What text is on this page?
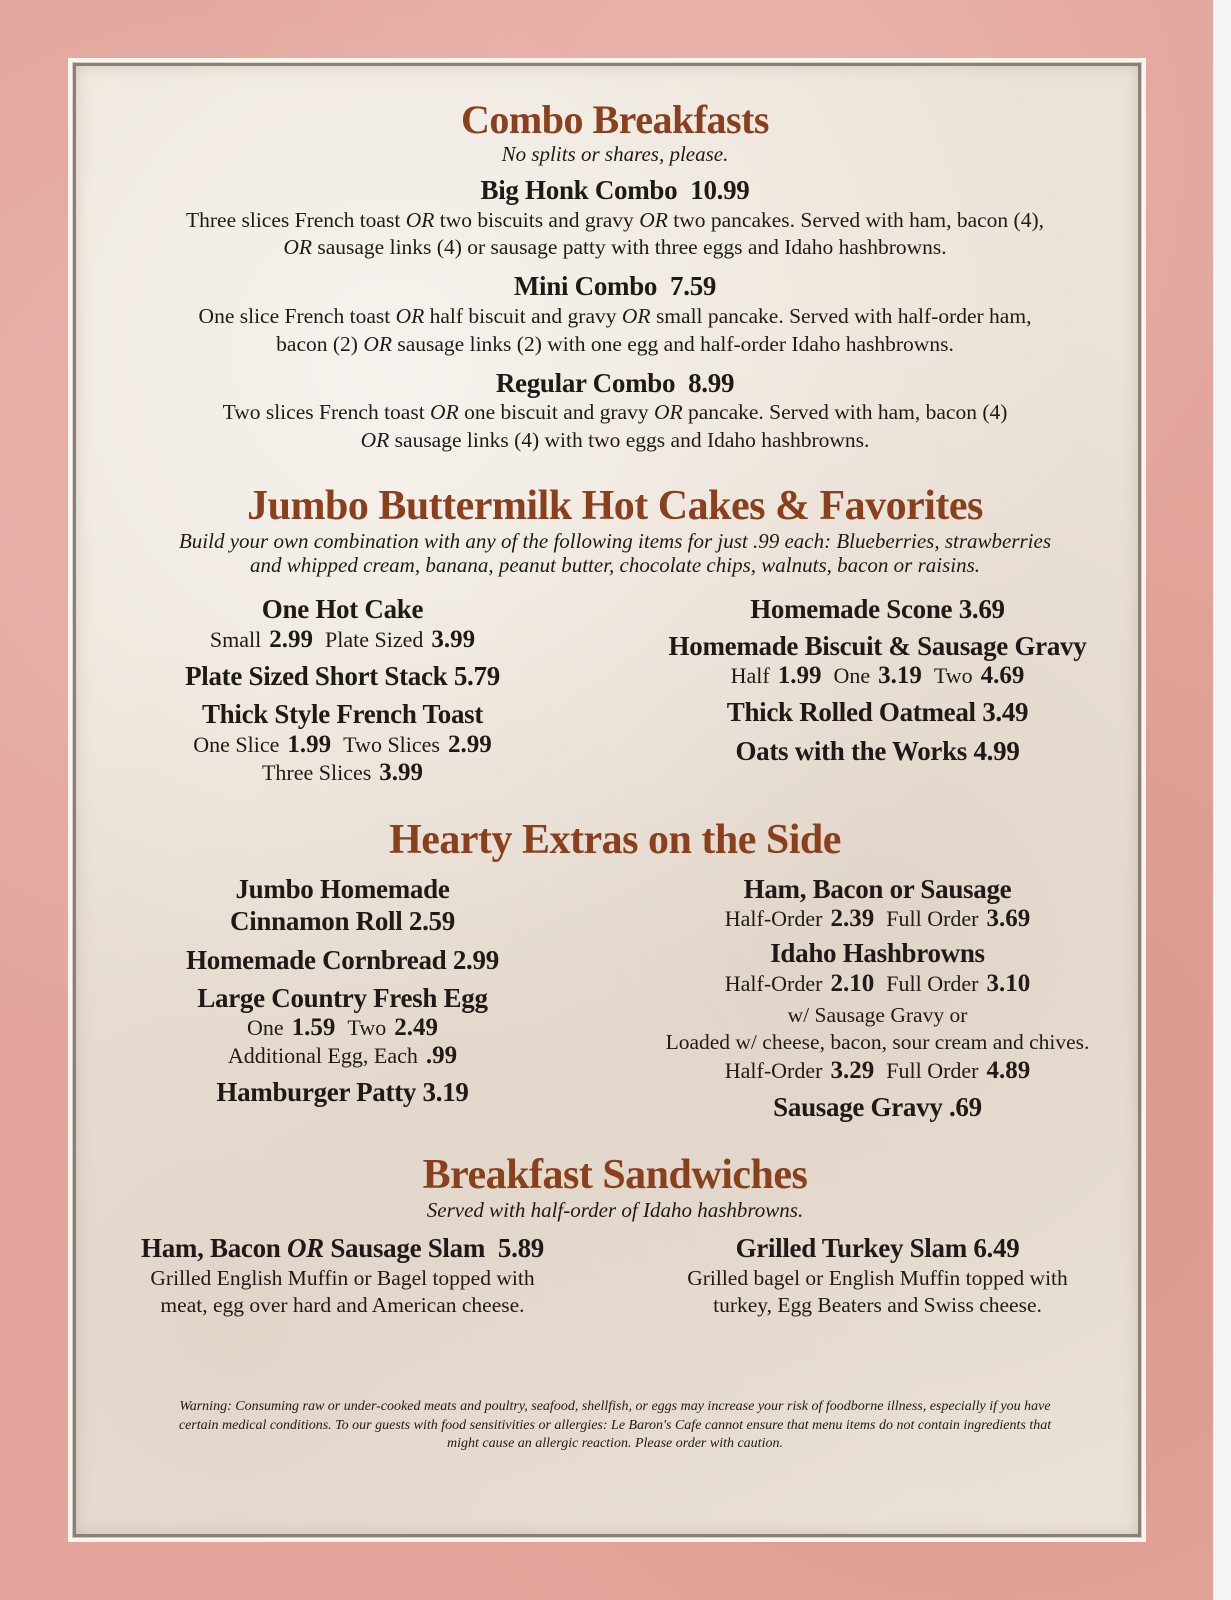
Combo Breakfasts

No splits or shares, please.

Big Honk Combo 10.99
Three slices French toast OR two biscuits and gravy OR two pancakes. Served with ham, bacon (4),
OR sausage links (4) or sausage patty with three eggs and Idaho hashbrowns.
Mini Combo 7.59
One slice French toast OR half biscuit and gravy OR small pancake. Served with half-order ham,
bacon (2) OR sausage links (2) with one egg and half-order Idaho hashbrowns.
Regular Combo 8.99
Two slices French toast OR one biscuit and gravy OR pancake. Served with ham, bacon (4)
OR sausage links (4) with two eggs and Idaho hashbrowns.
Jumbo Buttermilk Hot Cakes & Favorites

Build your own combination with any of the following items for just .99 each: Blueberries, strawberries
and whipped cream, banana, peanut butter, chocolate chips, walnuts, bacon or raisins.

One Hot Cake
Small 2.99 Plate Sized 3.99
Plate Sized Short Stack 5.79
Thick Style French Toast
One Slice 1.99 Two Slices 2.99
Three Slices 3.99
Homemade Scone 3.69
Homemade Biscuit & Sausage Gravy
Half 1.99 One 3.19 Two 4.69
Thick Rolled Oatmeal 3.49
Oats with the Works 4.99
Hearty Extras on the Side
Jumbo Homemade
Cinnamon Roll 2.59
Homemade Cornbread 2.99
Large Country Fresh Egg
One 1.59 Two 2.49
Additional Egg, Each .99
Hamburger Patty 3.19
Ham, Bacon or Sausage
Half-Order 2.39 Full Order 3.69
Idaho Hashbrowns
Half-Order 2.10 Full Order 3.10
w/ Sausage Gravy or
Loaded w/ cheese, bacon, sour cream and chives.
Half-Order 3.29 Full Order 4.89
Sausage Gravy .69
Breakfast Sandwiches

Served with half-order of Idaho hashbrowns.

Ham, Bacon OR Sausage Slam 5.89
Grilled English Muffin or Bagel topped with
meat, egg over hard and American cheese.
Grilled Turkey Slam 6.49
Grilled bagel or English Muffin topped with
turkey, Egg Beaters and Swiss cheese.
Warning: Consuming raw or under-cooked meats and poultry, seafood, shellfish, or eggs may increase your risk of foodborne illness, especially if you have
certain medical conditions. To our guests with food sensitivities or allergies: Le Baron's Cafe cannot ensure that menu items do not contain ingredients that
might cause an allergic reaction. Please order with caution.
